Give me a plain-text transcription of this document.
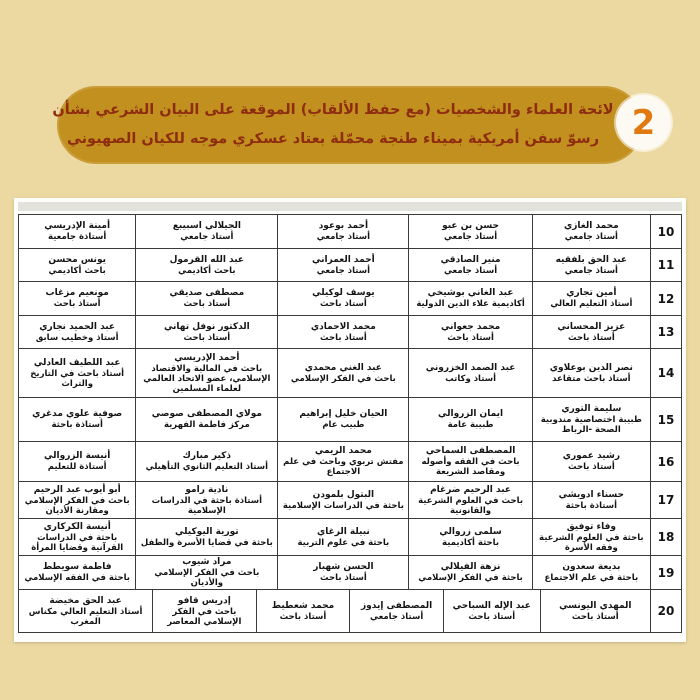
لائحة العلماء والشخصيات (مع حفظ الألقاب) الموقعة على البيان الشرعي بشأن
رسوّ سفن أمريكية بميناء طنجة محمّلة بعتاد عسكري موجه للكيان الصهيوني 2
10
محمد الغازي
أستاذ جامعي
حسن بن عبو
أستاذ جامعي
أحمد بوعود
أستاذ جامعي
الجيلالي اسبيبع
أستاذ جامعي
أمينة الإدريسي
أستاذة جامعية
11
عبد الحق بلفقيه
أستاذ جامعي
منير الصادقي
أستاذ جامعي
أحمد العمراني
أستاذ جامعي
عبد الله القرمول
باحث أكاديمي
يونس محسن
باحث أكاديمي
12
أمين تجاري
أستاذ التعليم العالي
عبد الغاني بوشيخي
أكاديمية علاء الدين الدولية
يوسف لوكيلي
أستاذ باحث
مصطفى صديقي
أستاذ باحث
مونعيم مزغاب
أستاذ باحث
13
عزيز المحساني
أستاذ باحث
محمد جعواني
أستاذ باحث
محمد الاحمادي
أستاذ باحث
الدكتور نوفل تهاني
أستاذ باحث
عبد الحميد نجاري
أستاذ وخطيب سابق
14
نصر الدين بوعلاوي
أستاذ باحث متقاعد
عبد الصمد الخزروني
أستاذ وكاتب
عبد الغني محمدي
باحث في الفكر الإسلامي
أحمد الإدريسي
باحث في المالية والاقتصاد الإسلامي، عضو الاتحاد العالمي لعلماء المسلمين
عبد اللطيف العادلي
أستاذ باحث في التاريخ والتراث
15
سليمة التوري
طبيبة اختصاصية مندوبية الصحة -الرباط
ايمان الزروالي
طبيبة عامة
الحيان خليل إبراهيم
طبيب عام
مولاي المصطفى صوصي
مركز فاطمة الفهرية
صوفية علوي مدغري
أستاذة باحثة
16
رشيد عموري
أستاذ باحث
المصطفى السماحي
باحث في الفقه وأصوله ومقاصد الشريعة
محمد الريمي
مفتش تربوي وباحث في علم الاجتماع
ذكير مبارك
أستاذ التعليم الثانوي التأهيلي
أنيسة الزروالي
أستاذة للتعليم
17
حسناء ادويشي
أستاذة باحثة
عبد الرحيم ضرغام
باحث في العلوم الشرعية والقانونية
البتول بلمودن
باحثة في الدراسات الإسلامية
نادية رامو
أستاذة باحثة في الدراسات الإسلامية
أبو أيوب عبد الرحيم
باحث في الفكر الإسلامي ومقارنة الأديان
18
وفاء توفيق
باحثة في العلوم الشرعية وفقه الأسرة
سلمى زروالي
باحثة أكاديمية
نبيلة الرغاي
باحثة في علوم التربية
تورية اليوكيلي
باحثة في قضايا الأسرة والطفل
أنيسة الكركاري
باحثة في الدراسات القرآنية وقضايا المرأة
19
بديعة سعدون
باحثة في علم الاجتماع
نزهة الفيلالي
باحثة في الفكر الإسلامي
الحسن شهبار
أستاذ باحث
مراد شيوب
باحث في الفكر الإسلامي والأديان
فاطمة سويطط
باحثة في الفقه الإسلامي
20
المهدي اليونسي
أستاذ باحث
عبد الإله السباحي
أستاذ باحث
المصطفى إيدوز
أستاذ جامعي
محمد شعطيط
أستاذ باحث
إدريس قافو
باحث في الفكر الإسلامي المعاصر
عبد الحق مخيضة
أستاذ التعليم العالي مكناس المغرب
